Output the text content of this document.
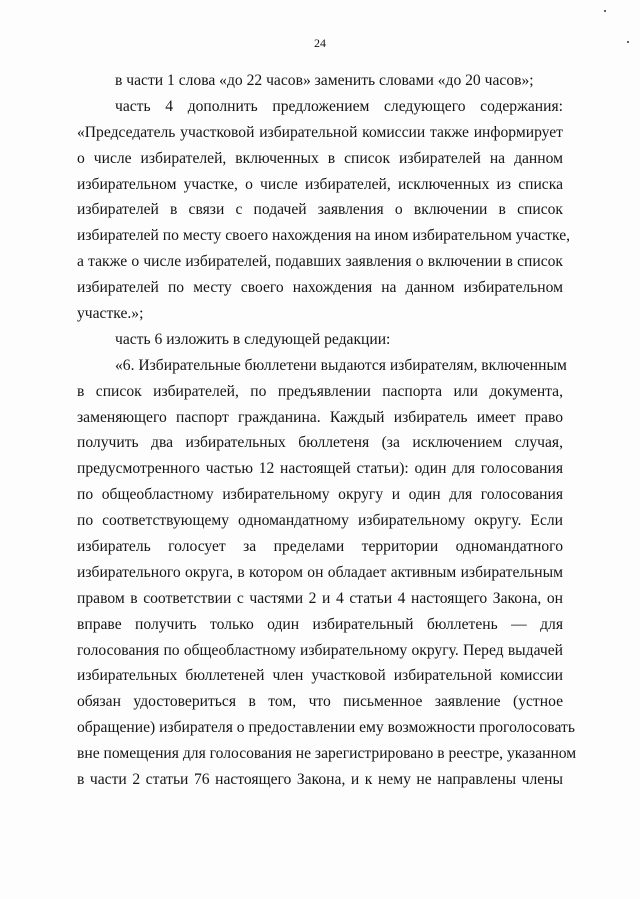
24
в части 1 слова «до 22 часов» заменить словами «до 20 часов»;
часть 4 дополнить предложением следующего содержания:
«Председатель участковой избирательной комиссии также информирует
о числе избирателей, включенных в список избирателей на данном
избирательном участке, о числе избирателей, исключенных из списка
избирателей в связи с подачей заявления о включении в список
избирателей по месту своего нахождения на ином избирательном участке,
а также о числе избирателей, подавших заявления о включении в список
избирателей по месту своего нахождения на данном избирательном
участке.»;
часть 6 изложить в следующей редакции:
«6. Избирательные бюллетени выдаются избирателям, включенным
в список избирателей, по предъявлении паспорта или документа,
заменяющего паспорт гражданина. Каждый избиратель имеет право
получить два избирательных бюллетеня (за исключением случая,
предусмотренного частью 12 настоящей статьи): один для голосования
по общеобластному избирательному округу и один для голосования
по соответствующему одномандатному избирательному округу. Если
избиратель голосует за пределами территории одномандатного
избирательного округа, в котором он обладает активным избирательным
правом в соответствии с частями 2 и 4 статьи 4 настоящего Закона, он
вправе получить только один избирательный бюллетень — для
голосования по общеобластному избирательному округу. Перед выдачей
избирательных бюллетеней член участковой избирательной комиссии
обязан удостовериться в том, что письменное заявление (устное
обращение) избирателя о предоставлении ему возможности проголосовать
вне помещения для голосования не зарегистрировано в реестре, указанном
в части 2 статьи 76 настоящего Закона, и к нему не направлены члены
